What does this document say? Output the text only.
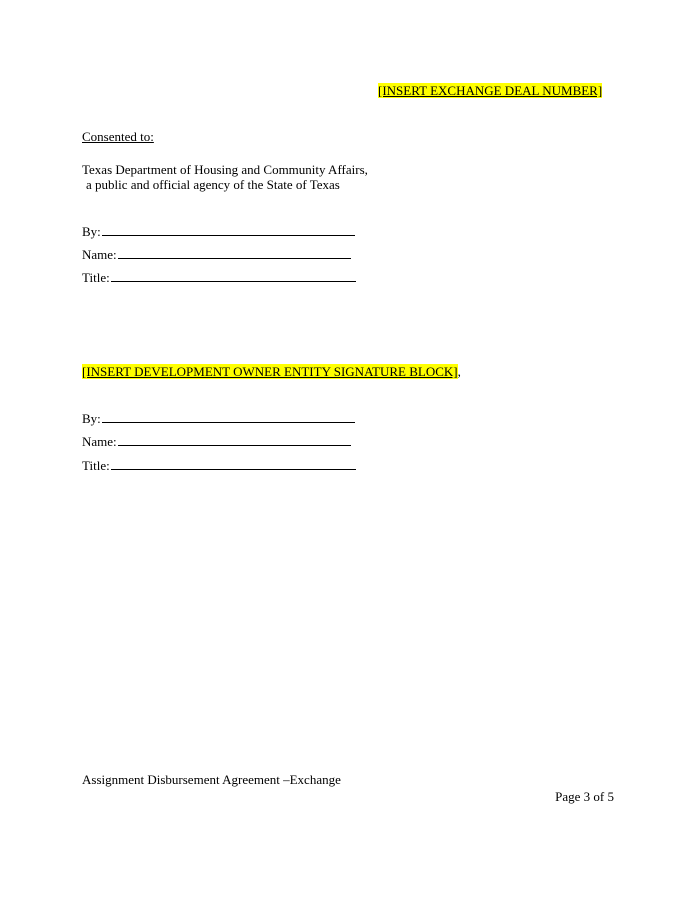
[INSERT EXCHANGE DEAL NUMBER]
Consented to:
Texas Department of Housing and Community Affairs,
a public and official agency of the State of Texas
By:
Name:
Title:
[INSERT DEVELOPMENT OWNER ENTITY SIGNATURE BLOCK],
By:
Name:
Title:
Assignment Disbursement Agreement –Exchange
Page 3 of 5
